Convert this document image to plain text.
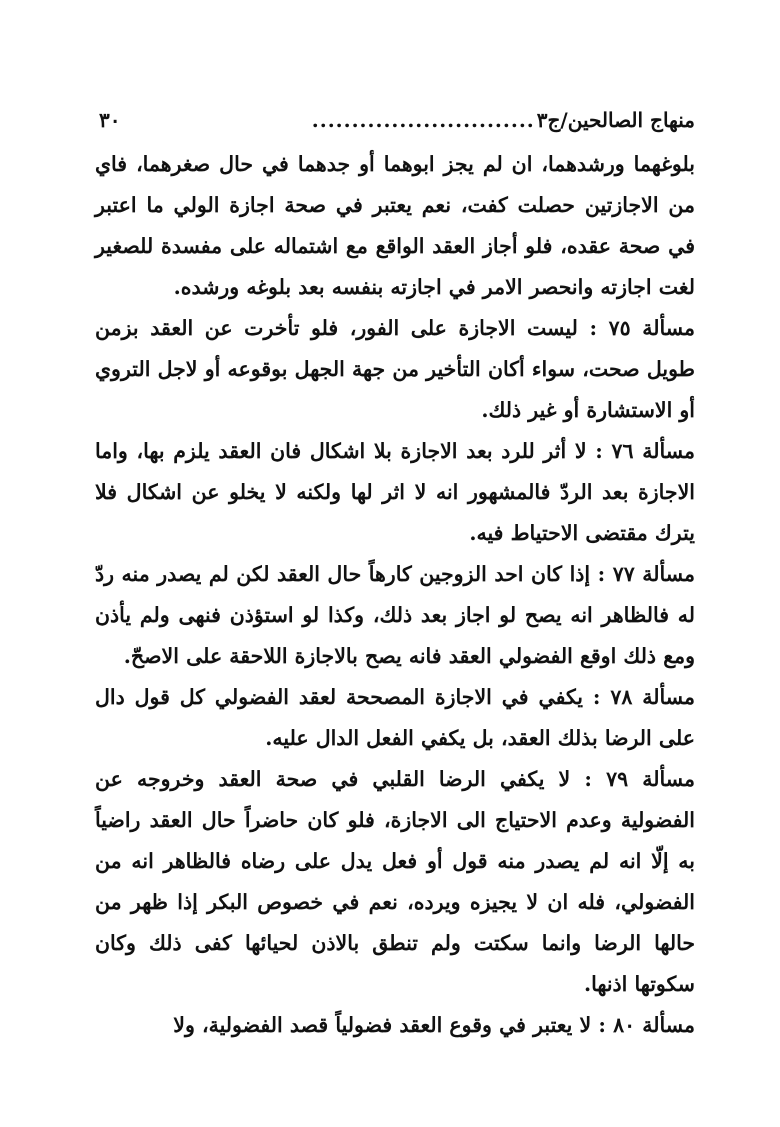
منهاج الصالحين/ج٣
............................
٣٠

بلوغهما ورشدهما، ان لم يجز ابوهما أو جدهما في حال صغرهما، فاي من الاجازتين حصلت كفت، نعم يعتبر في صحة اجازة الولي ما اعتبر في صحة عقده، فلو أجاز العقد الواقع مع اشتماله على مفسدة للصغير لغت اجازته وانحصر الامر في اجازته بنفسه بعد بلوغه ورشده.

مسألة ٧٥ : ليست الاجازة على الفور، فلو تأخرت عن العقد بزمن طويل صحت، سواء أكان التأخير من جهة الجهل بوقوعه أو لاجل التروي أو الاستشارة أو غير ذلك.

مسألة ٧٦ : لا أثر للرد بعد الاجازة بلا اشكال فان العقد يلزم بها، واما الاجازة بعد الردّ فالمشهور انه لا اثر لها ولكنه لا يخلو عن اشكال فلا يترك مقتضى الاحتياط فيه.

مسألة ٧٧ : إذا كان احد الزوجين كارهاً حال العقد لكن لم يصدر منه ردّ له فالظاهر انه يصح لو اجاز بعد ذلك، وكذا لو استؤذن فنهى ولم يأذن ومع ذلك اوقع الفضولي العقد فانه يصح بالاجازة اللاحقة على الاصحّ.

مسألة ٧٨ : يكفي في الاجازة المصححة لعقد الفضولي كل قول دال على الرضا بذلك العقد، بل يكفي الفعل الدال عليه.

مسألة ٧٩ : لا يكفي الرضا القلبي في صحة العقد وخروجه عن الفضولية وعدم الاحتياج الى الاجازة، فلو كان حاضراً حال العقد راضياً به إلّا انه لم يصدر منه قول أو فعل يدل على رضاه فالظاهر انه من الفضولي، فله ان لا يجيزه ويرده، نعم في خصوص البكر إذا ظهر من حالها الرضا وانما سكتت ولم تنطق بالاذن لحيائها كفى ذلك وكان سكوتها اذنها.

مسألة ٨٠ : لا يعتبر في وقوع العقد فضولياً قصد الفضولية، ولا
